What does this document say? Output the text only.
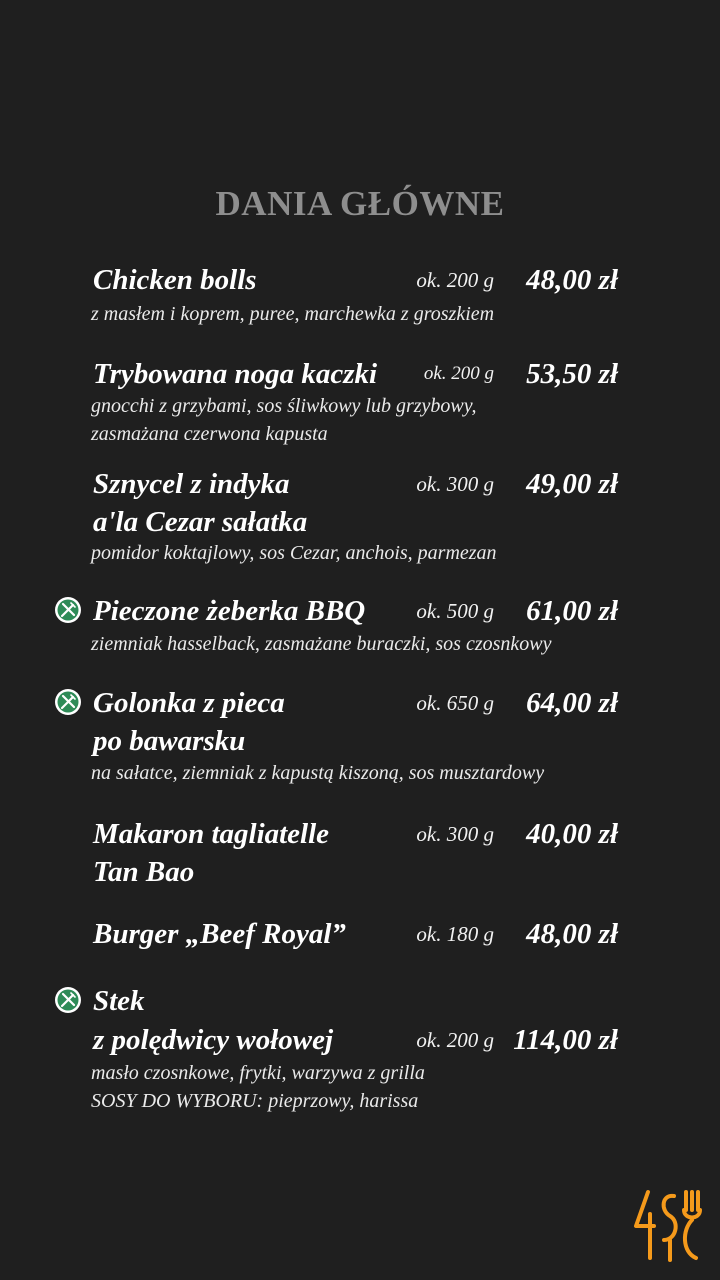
DANIA GŁÓWNE
Chicken bolls	ok. 200 g 48,00 zł
z masłem i koprem, puree, marchewka z groszkiem
Trybowana noga kaczki ok. 200 g 53,50 zł
gnocchi z grzybami, sos śliwkowy lub grzybowy,
zasmażana czerwona kapusta
Sznycel z indyka
a'la Cezar sałatka
ok. 300 g 49,00 zł
pomidor koktajlowy, sos Cezar, anchois, parmezan
Pieczone żeberka BBQ ok. 500 g 61,00 zł
ziemniak hasselback, zasmażane buraczki, sos czosnkowy
Golonka z pieca
po bawarsku
ok. 650 g 64,00 zł
na sałatce, ziemniak z kapustą kiszoną, sos musztardowy
Makaron tagliatelle
Tan Bao
ok. 300 g 40,00 zł
Burger „Beef Royal”	ok. 180 g 48,00 zł
Stek
z polędwicy wołowej	ok. 200 g 114,00 zł
masło czosnkowe, frytki, warzywa z grilla
SOSY DO WYBORU: pieprzowy, harissa
